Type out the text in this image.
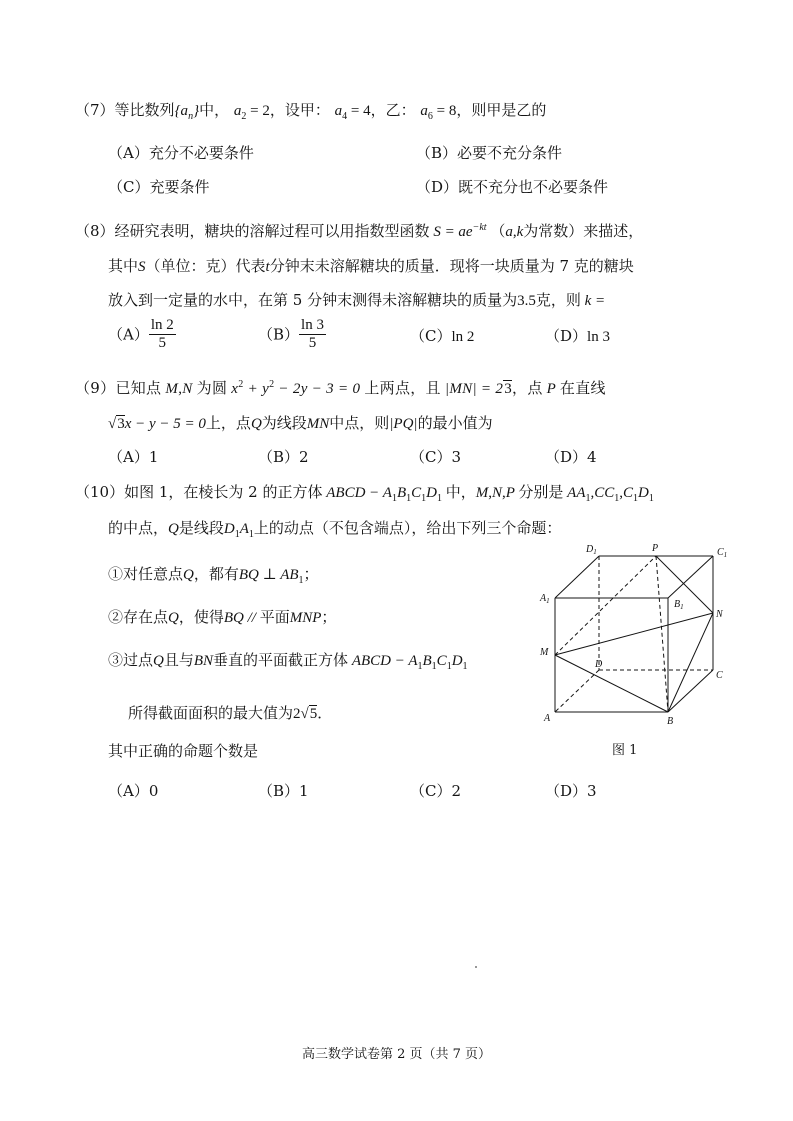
（7）等比数列$\{a_n\}$中， $a_2 = 2$，设甲： $a_4 = 4$，乙： $a_6 = 8$，则甲是乙的
（A）充分不必要条件	（B）必要不充分条件
（C）充要条件	（D）既不充分也不必要条件
（8）经研究表明，糖块的溶解过程可以用指数型函数 $S = ae^{-kt}$ （a,k为常数）来描述，
其中S（单位：克）代表t分钟末未溶解糖块的质量．现将一块质量为 7 克的糖块
放入到一定量的水中，在第 5 分钟末测得未溶解糖块的质量为3.5克，则 k =
$(A) \frac{\ln 2}{5}$	$(B) \frac{\ln 3}{5}$	（C）ln 2	（D）ln 3
（9）已知点 M,N 为圆 $x^2 + y^2 - 2y - 3 = 0$ 上两点，且 |MN| = 23，点 P 在直线
√3x − y − 5 = 0上，点Q为线段MN中点，则|PQ|的最小值为
（A）1	（B）2	（C）3	（D）4
（10）如图 1，在棱长为 2 的正方体 ABCD − $A_1B_1C_1D_1$ 中，M,N,P 分别是 $AA_1,CC_1,C_1D_1$
的中点，Q是线段$D_1A_1$上的动点（不包含端点），给出下列三个命题：
①对任意点Q，都有BQ ⊥ $AB_1$；
②存在点Q，使得BQ // 平面MNP；
③过点Q且与BN垂直的平面截正方体 ABCD − $A_1B_1C_1D_1$
所得截面面积的最大值为2√5．
其中正确的命题个数是
$D_1$	P	$C_1$
$A_1$	$B_1$
N
M
D
C
A	B
图 1
（A）0	（B）1	（C）2	（D）3
高三数学试卷第 2 页（共 7 页）
